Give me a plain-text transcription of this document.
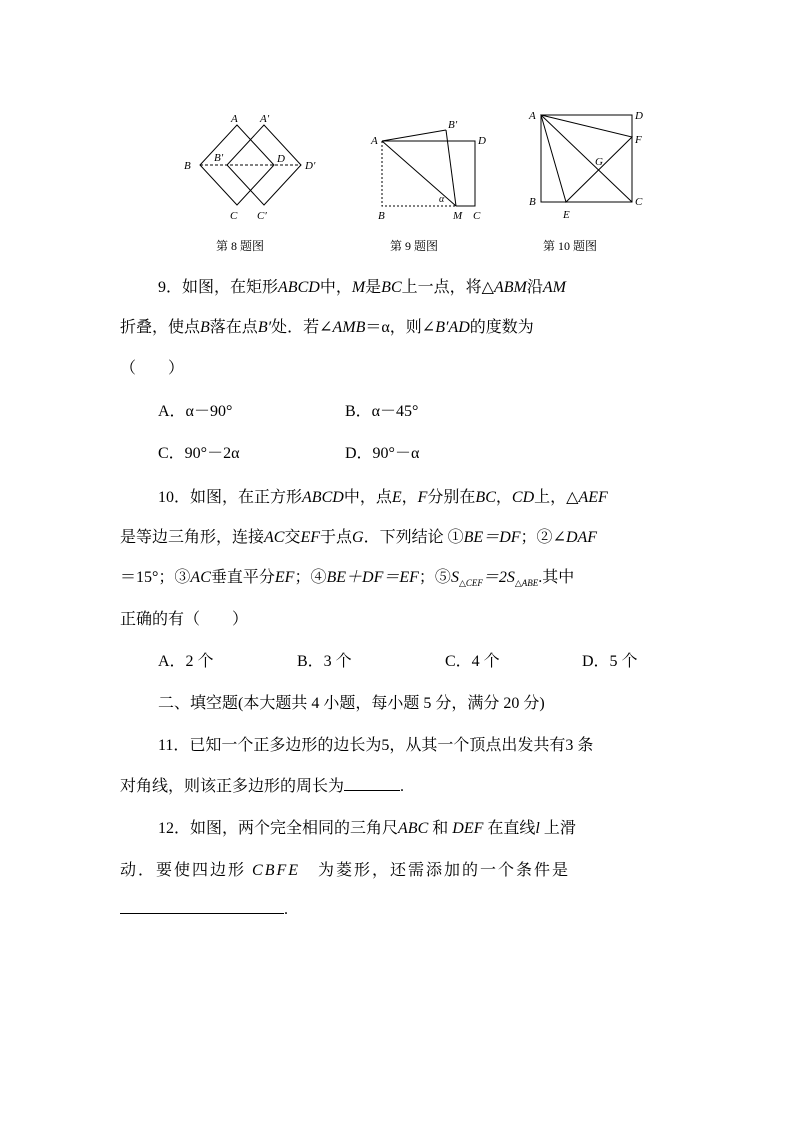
A A′
B
B′	D
D′
C C′
第 8 题图
A
B′
D
B	M C
α
第 9 题图
A	D
F
G
B
E
C
第 10 题图
9．如图，在矩形ABCD中，M是BC上一点，将△ABM沿AM
折叠，使点B落在点B′处．若∠AMB＝α，则∠B′AD的度数为
（　　）
A．α－90°	B．α－45°
C．90°－2α	D．90°－α
10．如图，在正方形ABCD中，点E，F分别在BC，CD上，△AEF
是等边三角形，连接AC交EF于点G．下列结论 ①BE＝DF；②∠DAF
＝15°；③AC垂直平分EF；④BE＋DF＝EF；$⑤S_{\triangle CEF}=2S_{\triangle ABE}$.其中
正确的有（　　）
A．2 个	B．3 个	C．4 个	D．5 个
二、填空题(本大题共 4 小题，每小题 5 分，满分 20 分)
11．已知一个正多边形的边长为5，从其一个顶点出发共有3 条
对角线，则该正多边形的周长为	.
12．如图，两个完全相同的三角尺ABC 和 DEF 在直线l 上滑
动．要使四边形 CBFE　 为菱形，还需添加的一个条件是
.
